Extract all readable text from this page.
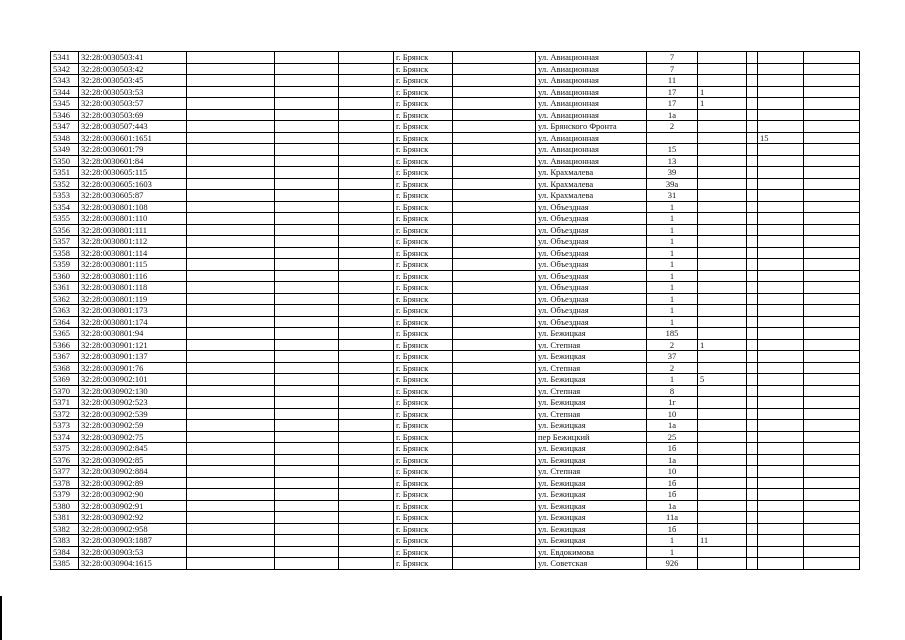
5341	32:28:0030503:41				г. Брянск		ул. Авиационная	7				
5342	32:28:0030503:42				г. Брянск		ул. Авиационная	7				
5343	32:28:0030503:45				г. Брянск		ул. Авиационная	11				
5344	32:28:0030503:53				г. Брянск		ул. Авиационная	17	1			
5345	32:28:0030503:57				г. Брянск		ул. Авиационная	17	1			
5346	32:28:0030503:69				г. Брянск		ул. Авиационная	1а				
5347	32:28:0030507:443				г. Брянск		ул. Брянского Фронта	2				
5348	32:28:0030601:1651				г. Брянск		ул. Авиационная				15	
5349	32:28:0030601:79				г. Брянск		ул. Авиационная	15				
5350	32:28:0030601:84				г. Брянск		ул. Авиационная	13				
5351	32:28:0030605:115				г. Брянск		ул. Крахмалева	39				
5352	32:28:0030605:1603				г. Брянск		ул. Крахмалева	39а				
5353	32:28:0030605:87				г. Брянск		ул. Крахмалева	31				
5354	32:28:0030801:108				г. Брянск		ул. Объездная	1				
5355	32:28:0030801:110				г. Брянск		ул. Объездная	1				
5356	32:28:0030801:111				г. Брянск		ул. Объездная	1				
5357	32:28:0030801:112				г. Брянск		ул. Объездная	1				
5358	32:28:0030801:114				г. Брянск		ул. Объездная	1				
5359	32:28:0030801:115				г. Брянск		ул. Объездная	1				
5360	32:28:0030801:116				г. Брянск		ул. Объездная	1				
5361	32:28:0030801:118				г. Брянск		ул. Объездная	1				
5362	32:28:0030801:119				г. Брянск		ул. Объездная	1				
5363	32:28:0030801:173				г. Брянск		ул. Объездная	1				
5364	32:28:0030801:174				г. Брянск		ул. Объездная	1				
5365	32:28:0030801:94				г. Брянск		ул. Бежицкая	185				
5366	32:28:0030901:121				г. Брянск		ул. Степная	2	1			
5367	32:28:0030901:137				г. Брянск		ул. Бежицкая	37				
5368	32:28:0030901:76				г. Брянск		ул. Степная	2				
5369	32:28:0030902:101				г. Брянск		ул. Бежицкая	1	5			
5370	32:28:0030902:130				г. Брянск		ул. Степная	8				
5371	32:28:0030902:523				г. Брянск		ул. Бежицкая	1г				
5372	32:28:0030902:539				г. Брянск		ул. Степная	10				
5373	32:28:0030902:59				г. Брянск		ул. Бежицкая	1а				
5374	32:28:0030902:75				г. Брянск		пер Бежицкий	25				
5375	32:28:0030902:845				г. Брянск		ул. Бежицкая	1б				
5376	32:28:0030902:85				г. Брянск		ул. Бежицкая	1а				
5377	32:28:0030902:884				г. Брянск		ул. Степная	10				
5378	32:28:0030902:89				г. Брянск		ул. Бежицкая	1б				
5379	32:28:0030902:90				г. Брянск		ул. Бежицкая	1б				
5380	32:28:0030902:91				г. Брянск		ул. Бежицкая	1а				
5381	32:28:0030902:92				г. Брянск		ул. Бежицкая	11а				
5382	32:28:0030902:958				г. Брянск		ул. Бежицкая	1б				
5383	32:28:0030903:1887				г. Брянск		ул. Бежицкая	1	11			
5384	32:28:0030903:53				г. Брянск		ул. Евдокимова	1				
5385	32:28:0030904:1615				г. Брянск		ул. Советская	926				
